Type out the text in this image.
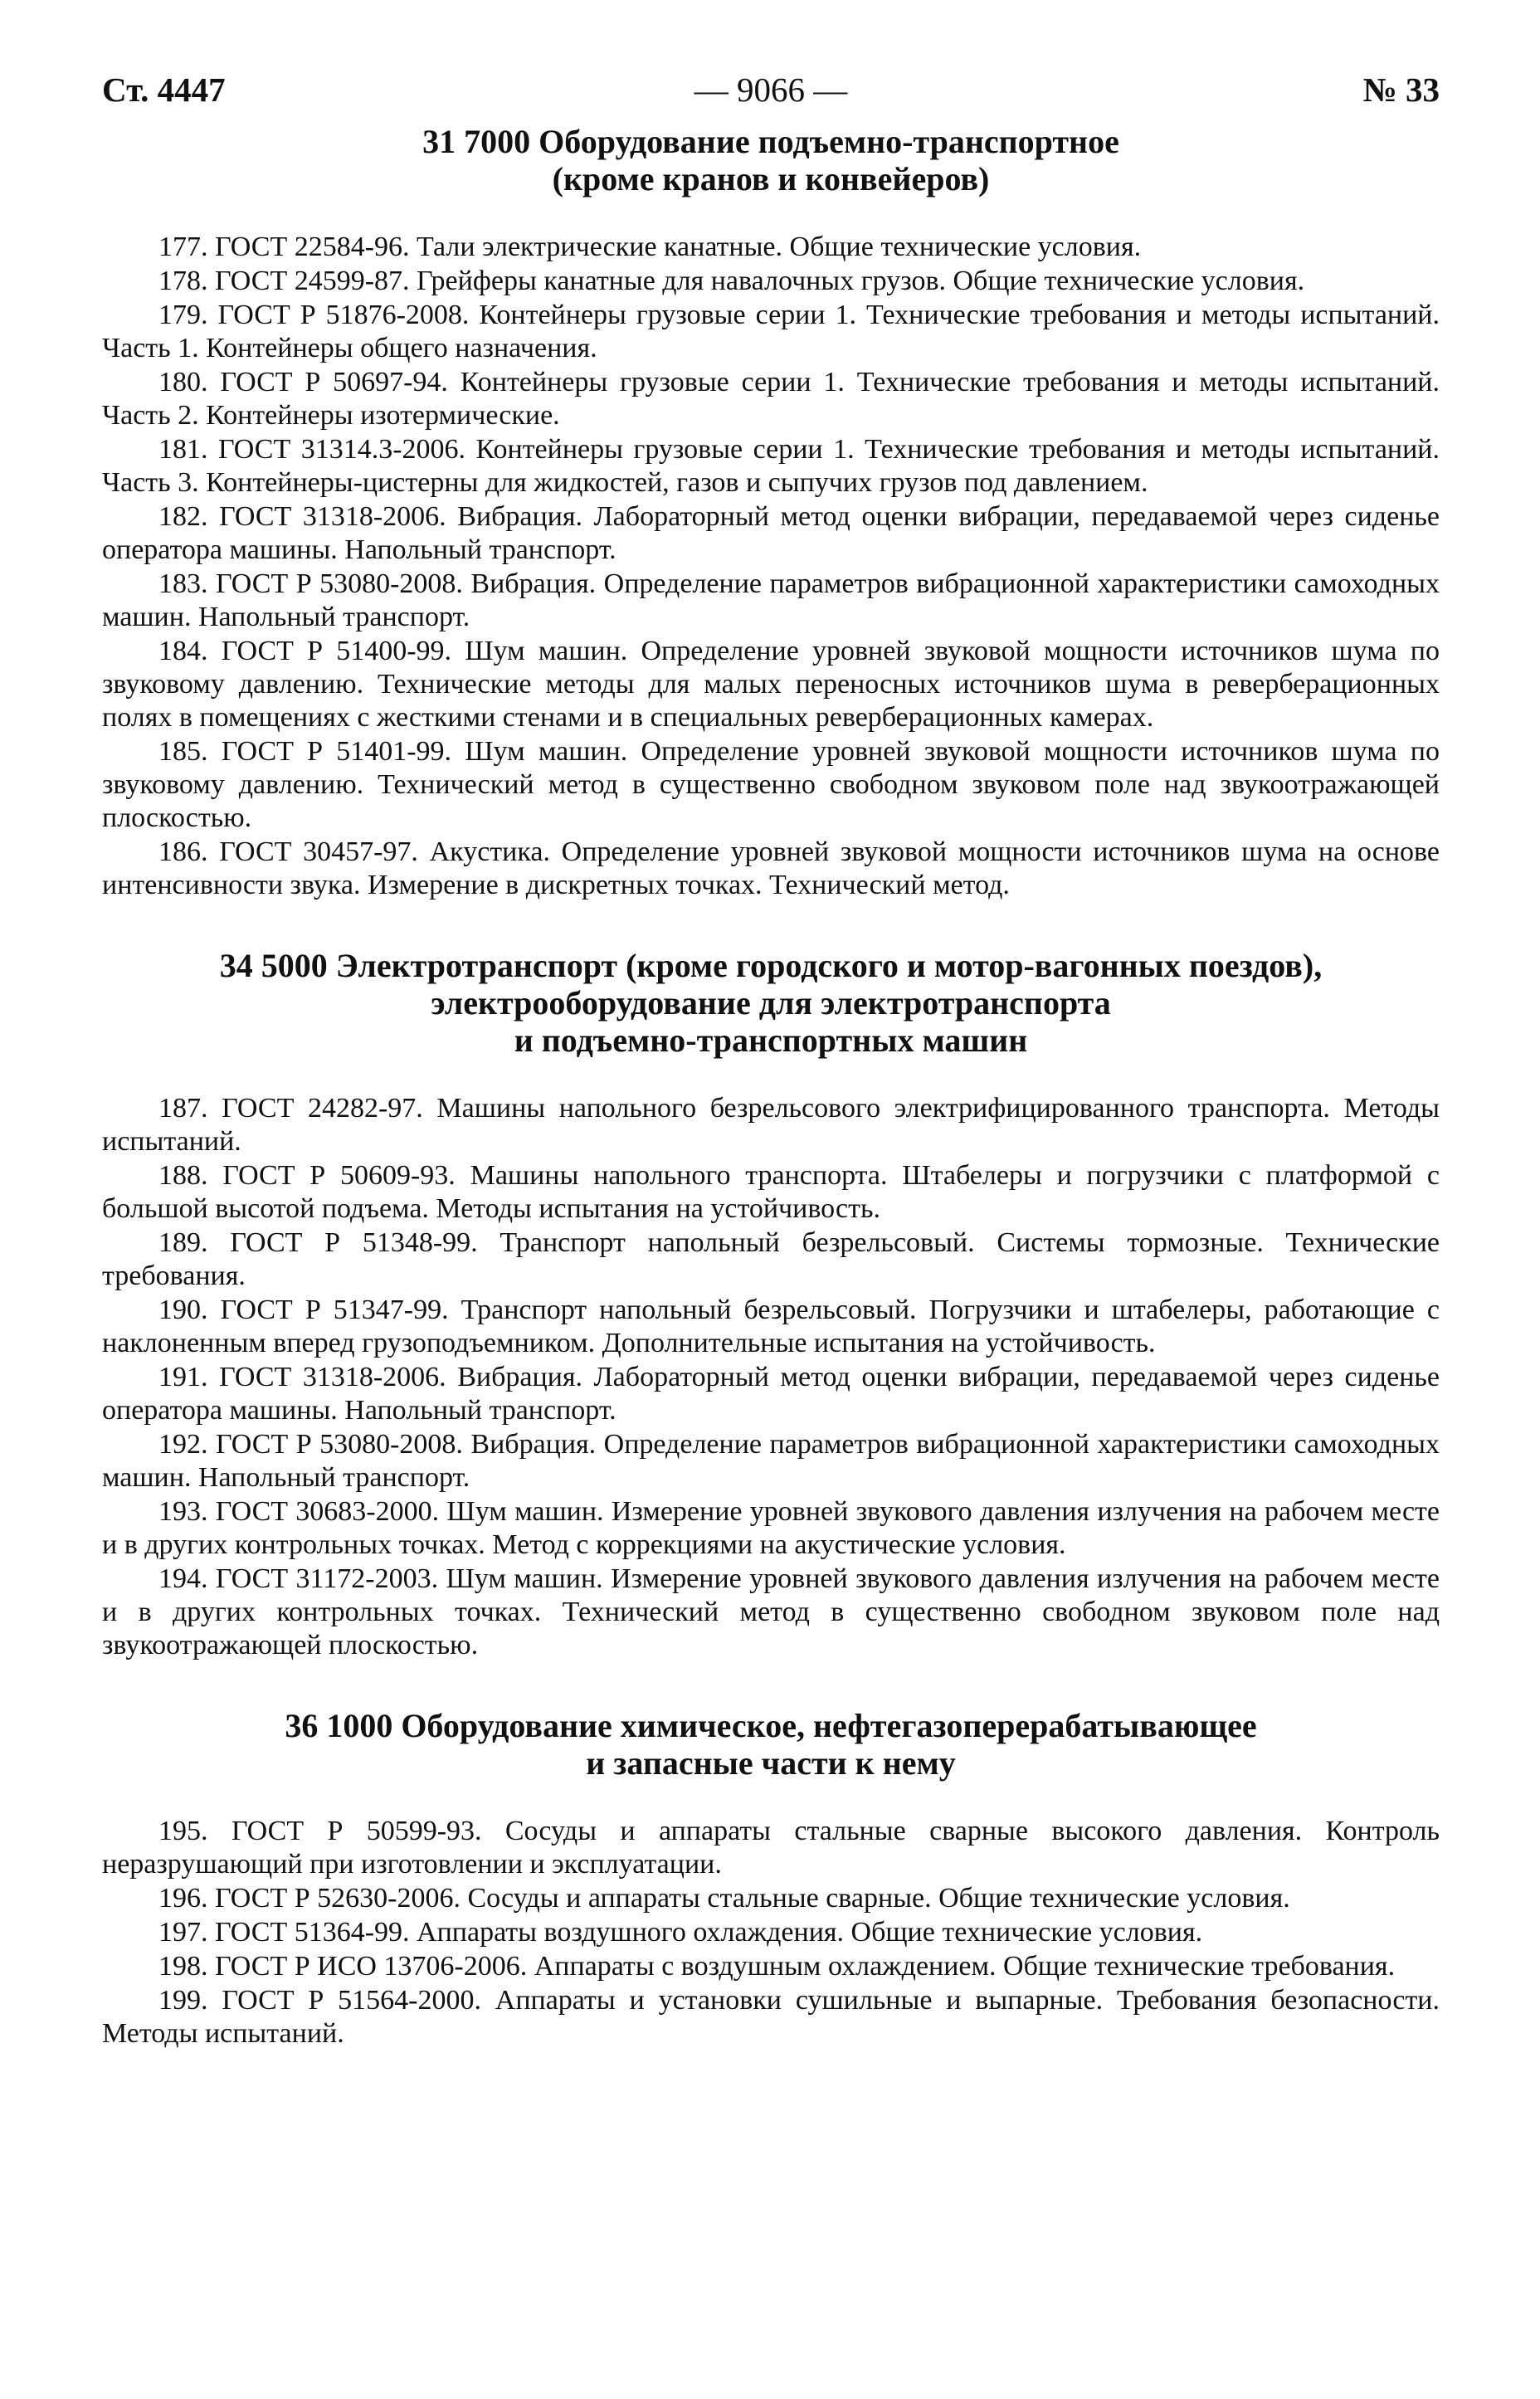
Ст. 4447	— 9066 —	№ 33
31 7000 Оборудование подъемно-транспортное
(кроме кранов и конвейеров)

177. ГОСТ 22584-96. Тали электрические канатные. Общие технические условия.

178. ГОСТ 24599-87. Грейферы канатные для навалочных грузов. Общие технические условия.

179. ГОСТ Р 51876-2008. Контейнеры грузовые серии 1. Технические требования и методы испытаний. Часть 1. Контейнеры общего назначения.

180. ГОСТ Р 50697-94. Контейнеры грузовые серии 1. Технические требования и методы испытаний. Часть 2. Контейнеры изотермические.

181. ГОСТ 31314.3-2006. Контейнеры грузовые серии 1. Технические требования и методы испытаний. Часть 3. Контейнеры-цистерны для жидкостей, газов и сыпучих грузов под давлением.

182. ГОСТ 31318-2006. Вибрация. Лабораторный метод оценки вибрации, передаваемой через сиденье оператора машины. Напольный транспорт.

183. ГОСТ Р 53080-2008. Вибрация. Определение параметров вибрационной характеристики самоходных машин. Напольный транспорт.

184. ГОСТ Р 51400-99. Шум машин. Определение уровней звуковой мощности источников шума по звуковому давлению. Технические методы для малых переносных источников шума в реверберационных полях в помещениях с жесткими стенами и в специальных реверберационных камерах.

185. ГОСТ Р 51401-99. Шум машин. Определение уровней звуковой мощности источников шума по звуковому давлению. Технический метод в существенно свободном звуковом поле над звукоотражающей плоскостью.

186. ГОСТ 30457-97. Акустика. Определение уровней звуковой мощности источников шума на основе интенсивности звука. Измерение в дискретных точках. Технический метод.

34 5000 Электротранспорт (кроме городского и мотор-вагонных поездов),
электрооборудование для электротранспорта
и подъемно-транспортных машин

187. ГОСТ 24282-97. Машины напольного безрельсового электрифицированного транспорта. Методы испытаний.

188. ГОСТ Р 50609-93. Машины напольного транспорта. Штабелеры и погрузчики с платформой с большой высотой подъема. Методы испытания на устойчивость.

189. ГОСТ Р 51348-99. Транспорт напольный безрельсовый. Системы тормозные. Технические требования.

190. ГОСТ Р 51347-99. Транспорт напольный безрельсовый. Погрузчики и штабелеры, работающие с наклоненным вперед грузоподъемником. Дополнительные испытания на устойчивость.

191. ГОСТ 31318-2006. Вибрация. Лабораторный метод оценки вибрации, передаваемой через сиденье оператора машины. Напольный транспорт.

192. ГОСТ Р 53080-2008. Вибрация. Определение параметров вибрационной характеристики самоходных машин. Напольный транспорт.

193. ГОСТ 30683-2000. Шум машин. Измерение уровней звукового давления излучения на рабочем месте и в других контрольных точках. Метод с коррекциями на акустические условия.

194. ГОСТ 31172-2003. Шум машин. Измерение уровней звукового давления излучения на рабочем месте и в других контрольных точках. Технический метод в существенно свободном звуковом поле над звукоотражающей плоскостью.

36 1000 Оборудование химическое, нефтегазоперерабатывающее
и запасные части к нему

195. ГОСТ Р 50599-93. Сосуды и аппараты стальные сварные высокого давления. Контроль неразрушающий при изготовлении и эксплуатации.

196. ГОСТ Р 52630-2006. Сосуды и аппараты стальные сварные. Общие технические условия.

197. ГОСТ 51364-99. Аппараты воздушного охлаждения. Общие технические условия.

198. ГОСТ Р ИСО 13706-2006. Аппараты с воздушным охлаждением. Общие технические требования.

199. ГОСТ Р 51564-2000. Аппараты и установки сушильные и выпарные. Требования безопасности. Методы испытаний.
